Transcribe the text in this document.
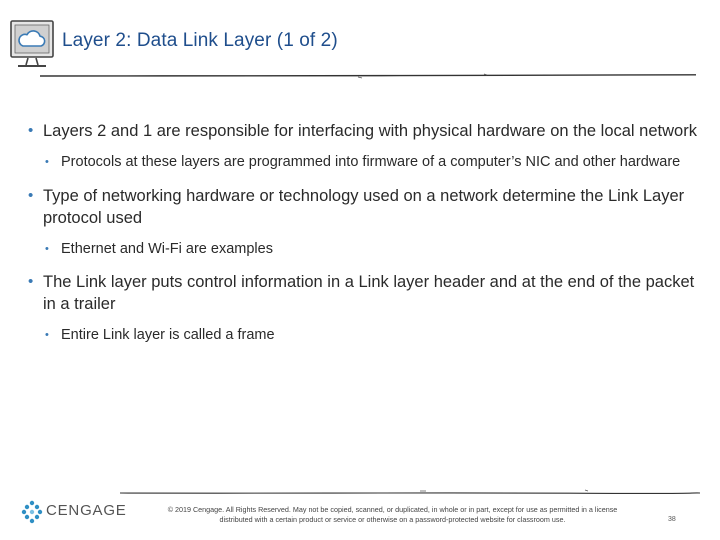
Layer 2: Data Link Layer (1 of 2)
• Layers 2 and 1 are responsible for interfacing with physical hardware on the local network
• Protocols at these layers are programmed into firmware of a computer’s NIC and other hardware
• Type of networking hardware or technology used on a network determine the Link Layer protocol used
• Ethernet and Wi-Fi are examples
• The Link layer puts control information in a Link layer header and at the end of the packet in a trailer
• Entire Link layer is called a frame
CENGAGE	© 2019 Cengage. All Rights Reserved. May not be copied, scanned, or duplicated, in whole or in part, except for use as permitted in a license
distributed with a certain product or service or otherwise on a password-protected website for classroom use.	38
